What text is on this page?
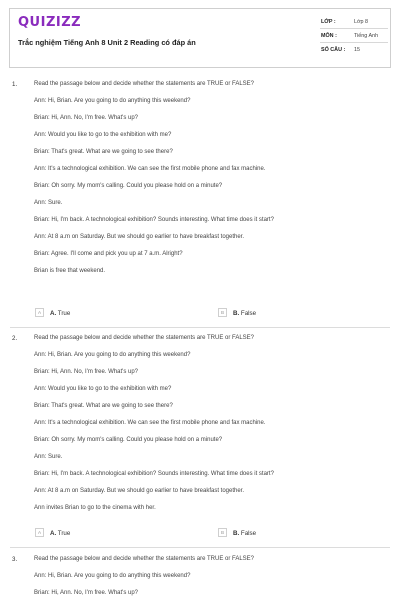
QUIZIZZ
Trắc nghiệm Tiếng Anh 8 Unit 2 Reading có đáp án
LỚP :	Lớp 8
MÔN :	Tiếng Anh
SỐ CÂU : 15
1.	Read the passage below and decide whether the statements are TRUE or FALSE?
Ann: Hi, Brian. Are you going to do anything this weekend?
Brian: Hi, Ann. No, I'm free. What's up?
Ann: Would you like to go to the exhibition with me?
Brian: That's great. What are we going to see there?
Ann: It's a technological exhibition. We can see the first mobile phone and fax machine.
Brian: Oh sorry. My mom's calling. Could you please hold on a minute?
Ann: Sure.
Brian: Hi, I'm back. A technological exhibition? Sounds interesting. What time does it start?
Ann: At 8 a.m on Saturday. But we should go earlier to have breakfast together.
Brian: Agree. I'll come and pick you up at 7 a.m. Alright?
Brian is free that weekend.
A	A. True	B	B. False
2.	Read the passage below and decide whether the statements are TRUE or FALSE?
Ann: Hi, Brian. Are you going to do anything this weekend?
Brian: Hi, Ann. No, I'm free. What's up?
Ann: Would you like to go to the exhibition with me?
Brian: That's great. What are we going to see there?
Ann: It's a technological exhibition. We can see the first mobile phone and fax machine.
Brian: Oh sorry. My mom's calling. Could you please hold on a minute?
Ann: Sure.
Brian: Hi, I'm back. A technological exhibition? Sounds interesting. What time does it start?
Ann: At 8 a.m on Saturday. But we should go earlier to have breakfast together.
Ann invites Brian to go to the cinema with her.
A	A. True	B	B. False
3.	Read the passage below and decide whether the statements are TRUE or FALSE?
Ann: Hi, Brian. Are you going to do anything this weekend?
Brian: Hi, Ann. No, I'm free. What's up?
